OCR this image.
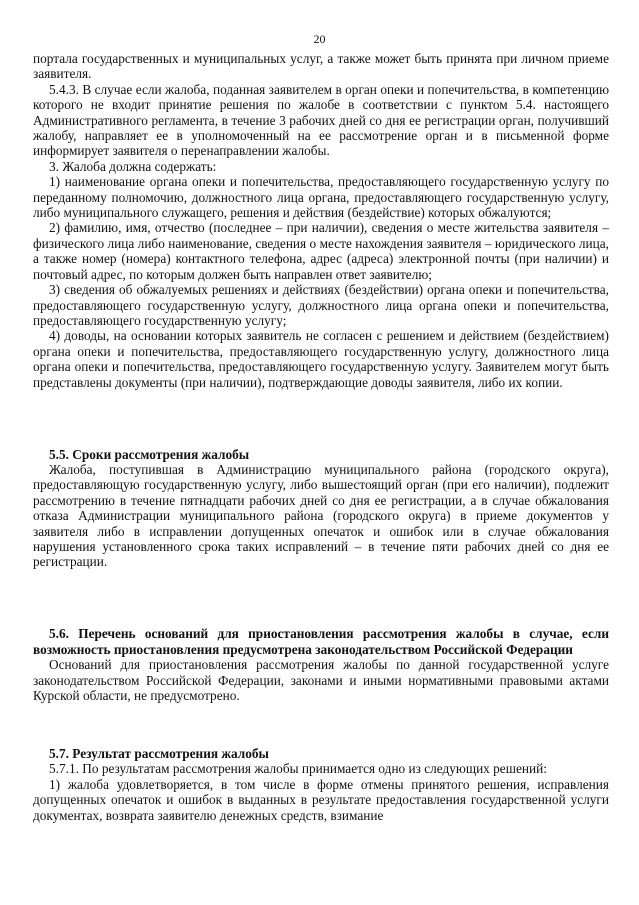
20

портала государственных и муниципальных услуг, а также может быть принята при личном приеме заявителя.

5.4.3. В случае если жалоба, поданная заявителем в орган опеки и попечительства, в компетенцию которого не входит принятие решения по жалобе в соответствии с пунктом 5.4. настоящего Административного регламента, в течение 3 рабочих дней со дня ее регистрации орган, получивший жалобу, направляет ее в уполномоченный на ее рассмотрение орган и в письменной форме информирует заявителя о перенаправлении жалобы.

3. Жалоба должна содержать:

1) наименование органа опеки и попечительства, предоставляющего государственную услугу по переданному полномочию, должностного лица органа, предоставляющего государственную услугу, либо муниципального служащего, решения и действия (бездействие) которых обжалуются;

2) фамилию, имя, отчество (последнее – при наличии), сведения о месте жительства заявителя – физического лица либо наименование, сведения о месте нахождения заявителя – юридического лица, а также номер (номера) контактного телефона, адрес (адреса) электронной почты (при наличии) и почтовый адрес, по которым должен быть направлен ответ заявителю;

3) сведения об обжалуемых решениях и действиях (бездействии) органа опеки и попечительства, предоставляющего государственную услугу, должностного лица органа опеки и попечительства, предоставляющего государственную услугу;

4) доводы, на основании которых заявитель не согласен с решением и действием (бездействием) органа опеки и попечительства, предоставляющего государственную услугу, должностного лица органа опеки и попечительства, предоставляющего государственную услугу. Заявителем могут быть представлены документы (при наличии), подтверждающие доводы заявителя, либо их копии.

5.5. Сроки рассмотрения жалобы

Жалоба, поступившая в Администрацию муниципального района (городского округа), предоставляющую государственную услугу, либо вышестоящий орган (при его наличии), подлежит рассмотрению в течение пятнадцати рабочих дней со дня ее регистрации, а в случае обжалования отказа Администрации муниципального района (городского округа) в приеме документов у заявителя либо в исправлении допущенных опечаток и ошибок или в случае обжалования нарушения установленного срока таких исправлений – в течение пяти рабочих дней со дня ее регистрации.

5.6. Перечень оснований для приостановления рассмотрения жалобы в случае, если возможность приостановления предусмотрена законодательством Российской Федерации

Оснований для приостановления рассмотрения жалобы по данной государственной услуге законодательством Российской Федерации, законами и иными нормативными правовыми актами Курской области, не предусмотрено.

5.7. Результат рассмотрения жалобы

5.7.1. По результатам рассмотрения жалобы принимается одно из следующих решений:

1) жалоба удовлетворяется, в том числе в форме отмены принятого решения, исправления допущенных опечаток и ошибок в выданных в результате предоставления государственной услуги документах, возврата заявителю денежных средств, взимание
